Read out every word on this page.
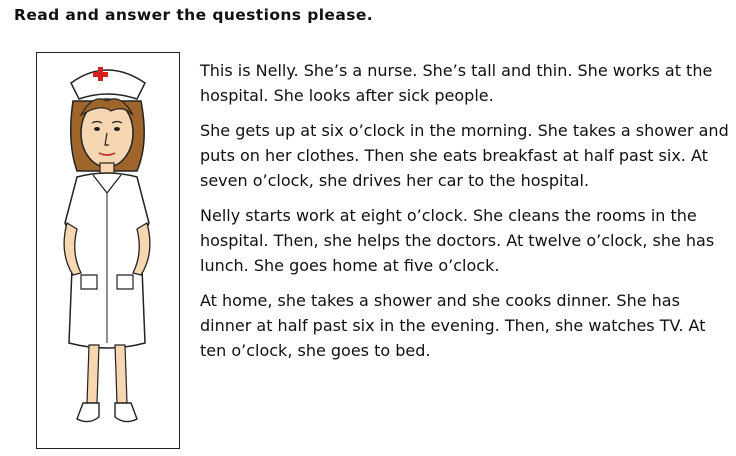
Read and answer the questions please.

This is Nelly. She’s a nurse. She’s tall and thin. She works at the hospital. She looks after sick people.

She gets up at six o’clock in the morning. She takes a shower and puts on her clothes. Then she eats breakfast at half past six. At seven o’clock, she drives her car to the hospital.

Nelly starts work at eight o’clock. She cleans the rooms in the hospital. Then, she helps the doctors. At twelve o’clock, she has lunch. She goes home at five o’clock.

At home, she takes a shower and she cooks dinner. She has dinner at half past six in the evening. Then, she watches TV. At ten o’clock, she goes to bed.
